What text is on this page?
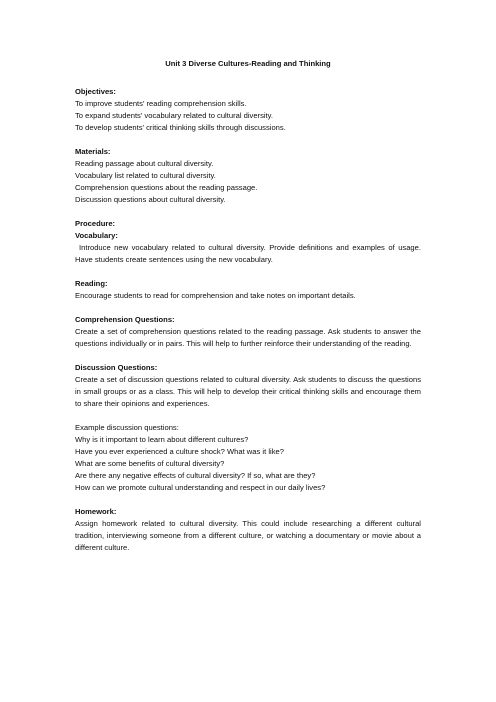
Unit 3 Diverse Cultures-Reading and Thinking

Objectives:

To improve students' reading comprehension skills.

To expand students' vocabulary related to cultural diversity.

To develop students' critical thinking skills through discussions.

Materials:

Reading passage about cultural diversity.

Vocabulary list related to cultural diversity.

Comprehension questions about the reading passage.

Discussion questions about cultural diversity.

Procedure:

Vocabulary:

Introduce new vocabulary related to cultural diversity. Provide definitions and examples of usage. Have students create sentences using the new vocabulary.

Reading:

Encourage students to read for comprehension and take notes on important details.

Comprehension Questions:

Create a set of comprehension questions related to the reading passage. Ask students to answer the questions individually or in pairs. This will help to further reinforce their understanding of the reading.

Discussion Questions:

Create a set of discussion questions related to cultural diversity. Ask students to discuss the questions in small groups or as a class. This will help to develop their critical thinking skills and encourage them to share their opinions and experiences.

Example discussion questions:

Why is it important to learn about different cultures?

Have you ever experienced a culture shock? What was it like?

What are some benefits of cultural diversity?

Are there any negative effects of cultural diversity? If so, what are they?

How can we promote cultural understanding and respect in our daily lives?

Homework:

Assign homework related to cultural diversity. This could include researching a different cultural tradition, interviewing someone from a different culture, or watching a documentary or movie about a different culture.
